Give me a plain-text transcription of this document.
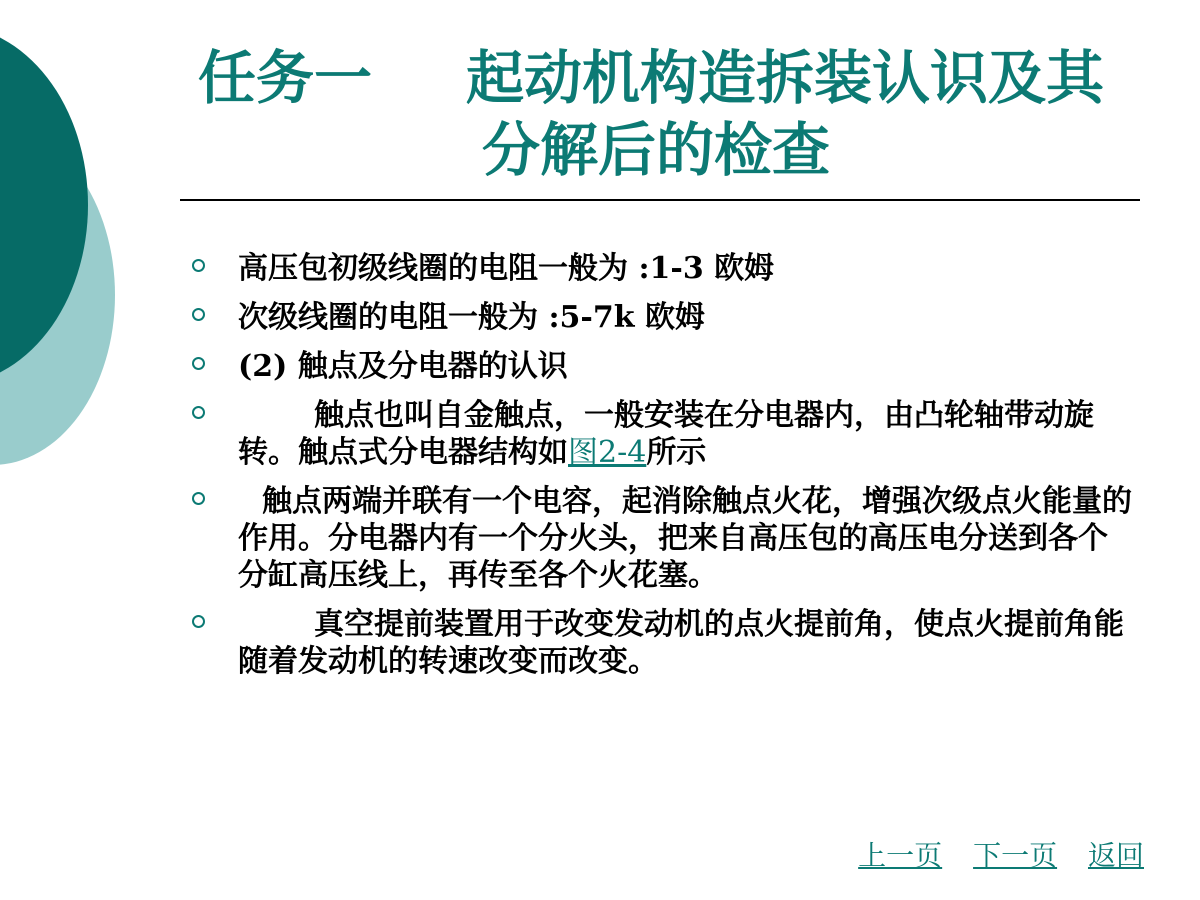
任务一 起动机构造拆装认识及其
分解后的检查
高压包初级线圈的电阻一般为 :1-3 欧姆
次级线圈的电阻一般为 :5-7k 欧姆
(2) 触点及分电器的认识
触点也叫自金触点，一般安装在分电器内，由凸轮轴带动旋转。触点式分电器结构如图2-4所示
触点两端并联有一个电容，起消除触点火花，增强次级点火能量的作用。分电器内有一个分火头，把来自高压包的高压电分送到各个分缸高压线上，再传至各个火花塞。
真空提前装置用于改变发动机的点火提前角，使点火提前角能随着发动机的转速改变而改变。
上一页 下一页 返回
